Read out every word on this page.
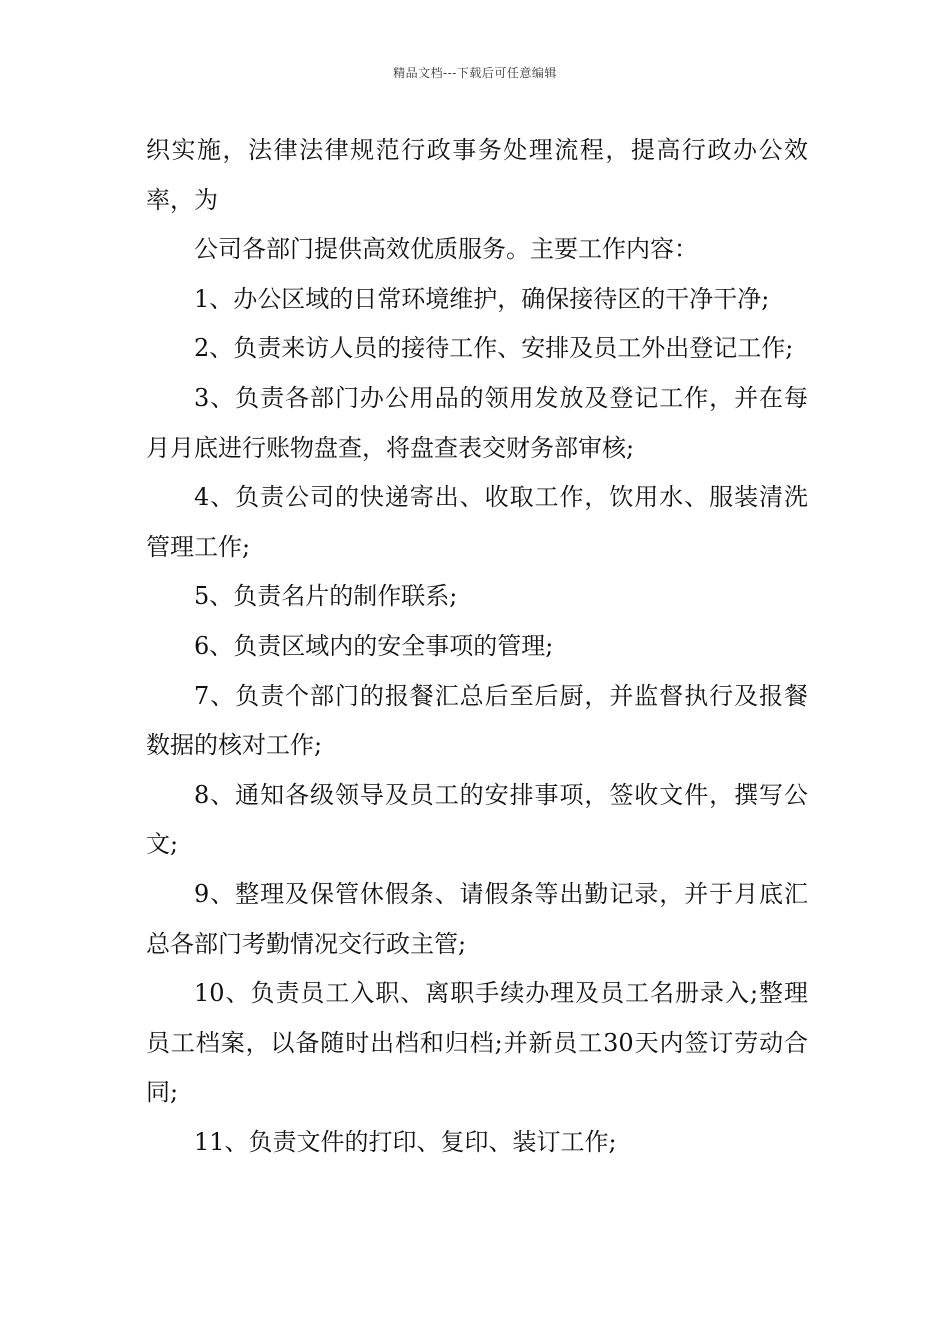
精品文档---下载后可任意编辑

织实施，法律法律规范行政事务处理流程，提高行政办公效率，为

公司各部门提供高效优质服务。主要工作内容：

1、办公区域的日常环境维护，确保接待区的干净干净;

2、负责来访人员的接待工作、安排及员工外出登记工作;

3、负责各部门办公用品的领用发放及登记工作，并在每月月底进行账物盘查，将盘查表交财务部审核;

4、负责公司的快递寄出、收取工作，饮用水、服装清洗管理工作;

5、负责名片的制作联系;

6、负责区域内的安全事项的管理;

7、负责个部门的报餐汇总后至后厨，并监督执行及报餐数据的核对工作;

8、通知各级领导及员工的安排事项，签收文件，撰写公文;

9、整理及保管休假条、请假条等出勤记录，并于月底汇总各部门考勤情况交行政主管;

10、负责员工入职、离职手续办理及员工名册录入;整理员工档案，以备随时出档和归档;并新员工30天内签订劳动合同;

11、负责文件的打印、复印、装订工作;
